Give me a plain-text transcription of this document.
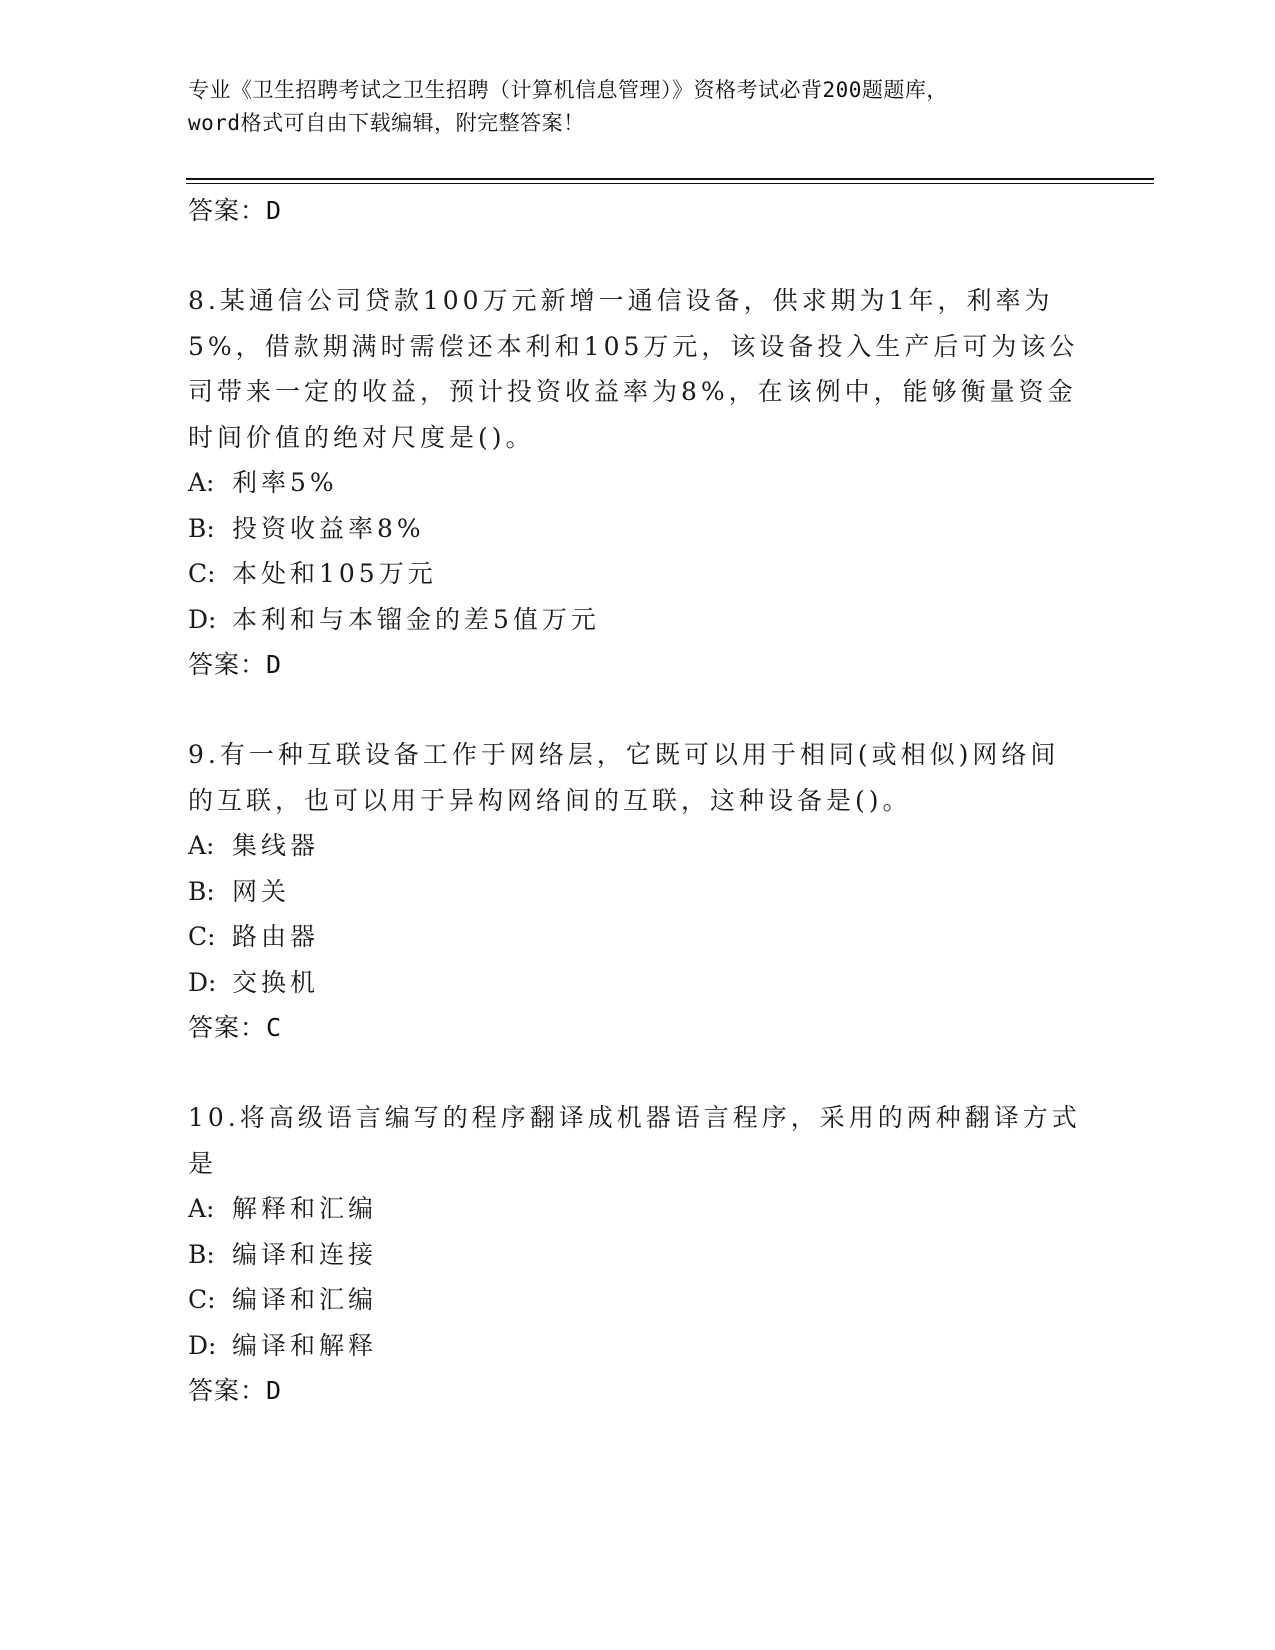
专业《卫生招聘考试之卫生招聘（计算机信息管理）》资格考试必背200题题库，
word格式可自由下载编辑，附完整答案！
答案：D
8.某通信公司贷款100万元新增一通信设备，供求期为1年，利率为5%，借款期满时需偿还本利和105万元，该设备投入生产后可为该公司带来一定的收益，预计投资收益率为8%，在该例中，能够衡量资金时间价值的绝对尺度是()。
A: 利率5%
B: 投资收益率8%
C: 本处和105万元
D: 本利和与本镏金的差5值万元
答案：D
9.有一种互联设备工作于网络层，它既可以用于相同(或相似)网络间的互联，也可以用于异构网络间的互联，这种设备是()。
A: 集线器
B: 网关
C: 路由器
D: 交换机
答案：C
10.将高级语言编写的程序翻译成机器语言程序，采用的两种翻译方式是
A: 解释和汇编
B: 编译和连接
C: 编译和汇编
D: 编译和解释
答案：D
